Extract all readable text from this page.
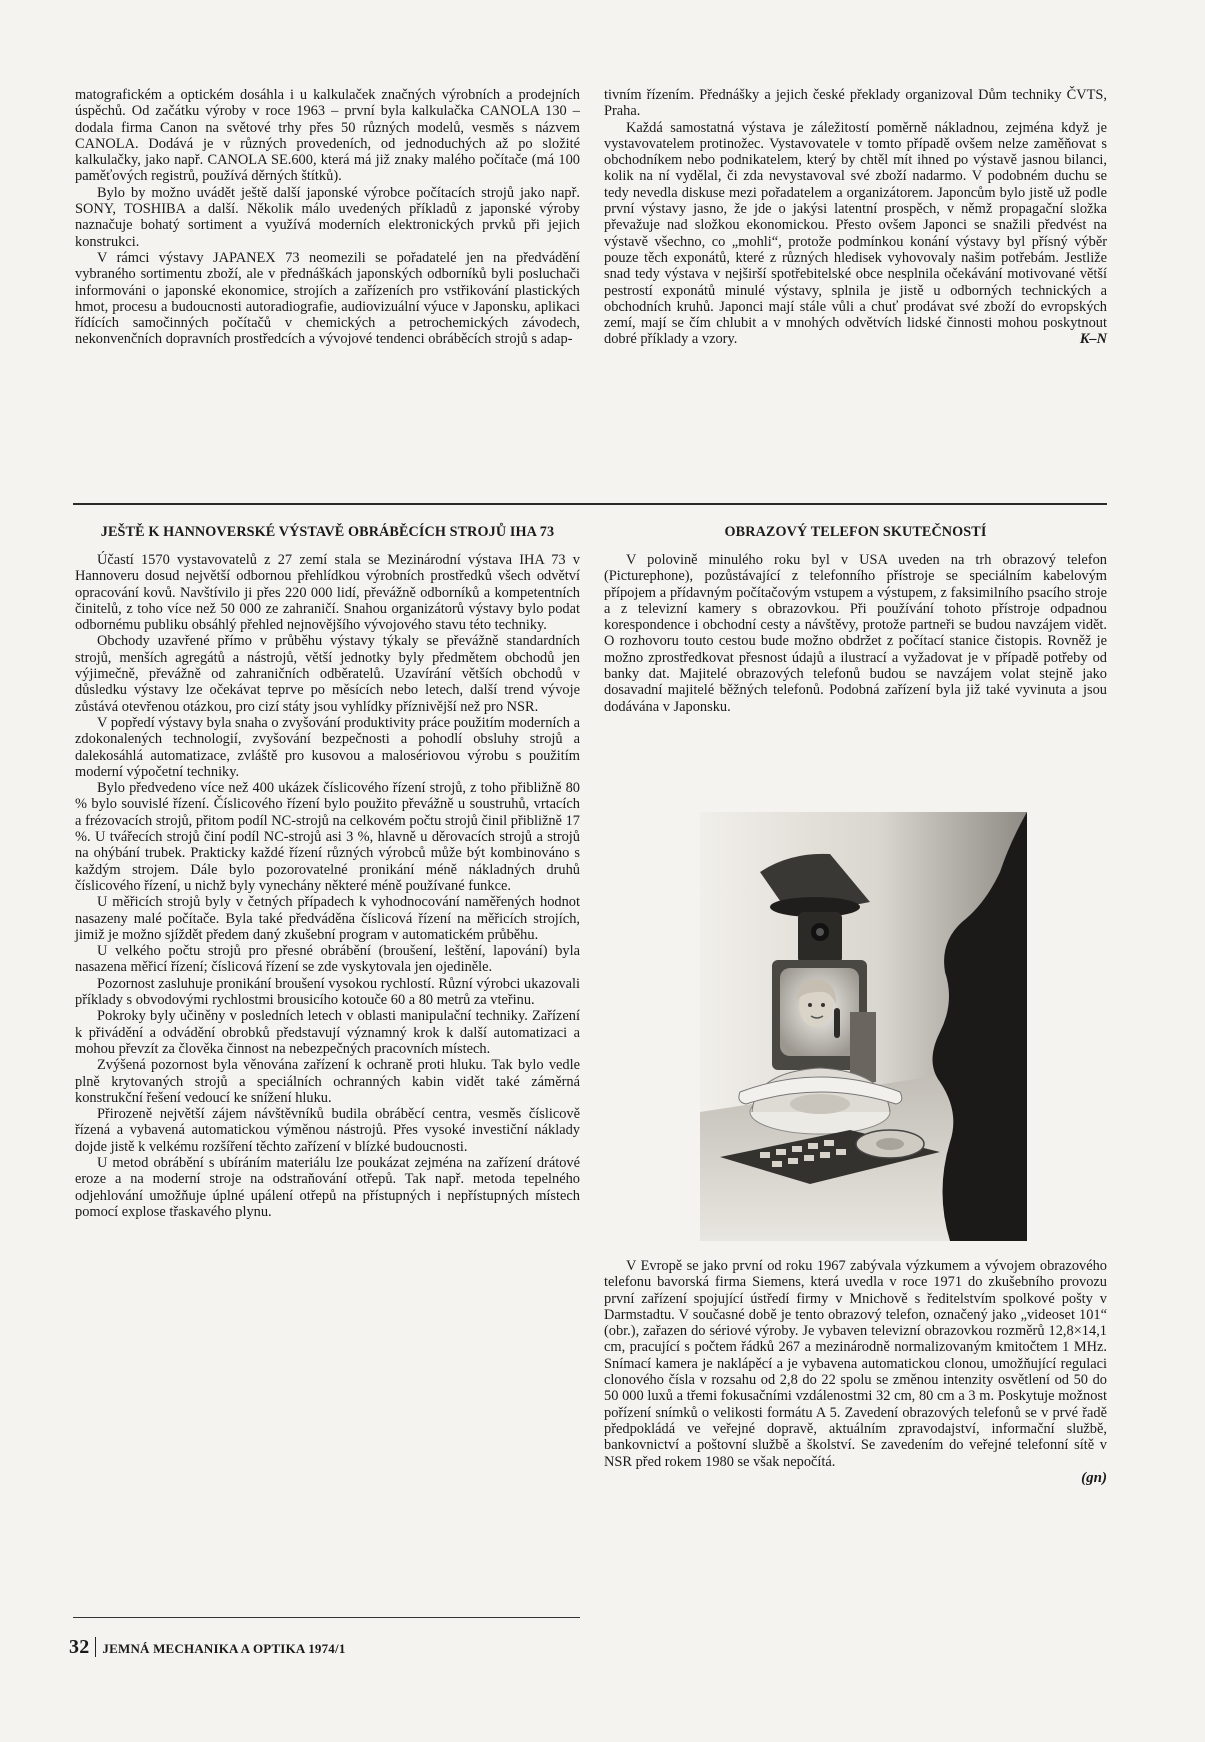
matografickém a optickém dosáhla i u kalkulaček značných výrobních a prodejních úspěchů. Od začátku výroby v roce 1963 – první byla kalkulačka CANOLA 130 – dodala firma Canon na světové trhy přes 50 různých modelů, vesměs s názvem CANOLA. Dodává je v různých provedeních, od jednoduchých až po složité kalkulačky, jako např. CANOLA SE.600, která má již znaky malého počítače (má 100 paměťových registrů, používá děrných štítků).

Bylo by možno uvádět ještě další japonské výrobce počítacích strojů jako např. SONY, TOSHIBA a další. Několik málo uvedených příkladů z japonské výroby naznačuje bohatý sortiment a využívá moderních elektronických prvků při jejich konstrukci.

V rámci výstavy JAPANEX 73 neomezili se pořadatelé jen na předvádění vybraného sortimentu zboží, ale v přednáškách japonských odborníků byli posluchači informováni o japonské ekonomice, strojích a zařízeních pro vstřikování plastických hmot, procesu a budoucnosti autoradiografie, audiovizuální výuce v Japonsku, aplikaci řídících samočinných počítačů v chemických a petrochemických závodech, nekonvenčních dopravních prostředcích a vývojové tendenci obráběcích strojů s adap-

tivním řízením. Přednášky a jejich české překlady organizoval Dům techniky ČVTS, Praha.

Každá samostatná výstava je záležitostí poměrně nákladnou, zejména když je vystavovatelem protinožec. Vystavovatele v tomto případě ovšem nelze zaměňovat s obchodníkem nebo podnikatelem, který by chtěl mít ihned po výstavě jasnou bilanci, kolik na ní vydělal, či zda nevystavoval své zboží nadarmo. V podobném duchu se tedy nevedla diskuse mezi pořadatelem a organizátorem. Japoncům bylo jistě už podle první výstavy jasno, že jde o jakýsi latentní prospěch, v němž propagační složka převažuje nad složkou ekonomickou. Přesto ovšem Japonci se snažili předvést na výstavě všechno, co „mohli“, protože podmínkou konání výstavy byl přísný výběr pouze těch exponátů, které z různých hledisek vyhovovaly našim potřebám. Jestliže snad tedy výstava v nejširší spotřebitelské obce nesplnila očekávání motivované větší pestrostí exponátů minulé výstavy, splnila je jistě u odborných technických a obchodních kruhů. Japonci mají stále vůli a chuť prodávat své zboží do evropských zemí, mají se čím chlubit a v mnohých odvětvích lidské činnosti mohou poskytnout dobré příklady a vzory.	K–N

JEŠTĚ K HANNOVERSKÉ VÝSTAVĚ OBRÁBĚCÍCH STROJŮ IHA 73

Účastí 1570 vystavovatelů z 27 zemí stala se Mezinárodní výstava IHA 73 v Hannoveru dosud největší odbornou přehlídkou výrobních prostředků všech odvětví opracování kovů. Navštívilo ji přes 220 000 lidí, převážně odborníků a kompetentních činitelů, z toho více než 50 000 ze zahraničí. Snahou organizátorů výstavy bylo podat odbornému publiku obsáhlý přehled nejnovějšího vývojového stavu této techniky.

Obchody uzavřené přímo v průběhu výstavy týkaly se převážně standardních strojů, menších agregátů a nástrojů, větší jednotky byly předmětem obchodů jen výjimečně, převážně od zahraničních odběratelů. Uzavírání větších obchodů v důsledku výstavy lze očekávat teprve po měsících nebo letech, další trend vývoje zůstává otevřenou otázkou, pro cizí státy jsou vyhlídky příznivější než pro NSR.

V popředí výstavy byla snaha o zvyšování produktivity práce použitím moderních a zdokonalených technologií, zvyšování bezpečnosti a pohodlí obsluhy strojů a dalekosáhlá automatizace, zvláště pro kusovou a malosériovou výrobu s použitím moderní výpočetní techniky.

Bylo předvedeno více než 400 ukázek číslicového řízení strojů, z toho přibližně 80 % bylo souvislé řízení. Číslicového řízení bylo použito převážně u soustruhů, vrtacích a frézovacích strojů, přitom podíl NC-strojů na celkovém počtu strojů činil přibližně 17 %. U tvářecích strojů činí podíl NC-strojů asi 3 %, hlavně u děrovacích strojů a strojů na ohýbání trubek. Prakticky každé řízení různých výrobců může být kombinováno s každým strojem. Dále bylo pozorovatelné pronikání méně nákladných druhů číslicového řízení, u nichž byly vynechány některé méně používané funkce.

U měřicích strojů byly v četných případech k vyhodnocování naměřených hodnot nasazeny malé počítače. Byla také předváděna číslicová řízení na měřicích strojích, jimiž je možno sjíždět předem daný zkušební program v automatickém průběhu.

U velkého počtu strojů pro přesné obrábění (broušení, leštění, lapování) byla nasazena měřicí řízení; číslicová řízení se zde vyskytovala jen ojediněle.

Pozornost zasluhuje pronikání broušení vysokou rychlostí. Různí výrobci ukazovali příklady s obvodovými rychlostmi brousicího kotouče 60 a 80 metrů za vteřinu.

Pokroky byly učiněny v posledních letech v oblasti manipulační techniky. Zařízení k přivádění a odvádění obrobků představují významný krok k další automatizaci a mohou převzít za člověka činnost na nebezpečných pracovních místech.

Zvýšená pozornost byla věnována zařízení k ochraně proti hluku. Tak bylo vedle plně krytovaných strojů a speciálních ochranných kabin vidět také záměrná konstrukční řešení vedoucí ke snížení hluku.

Přirozeně největší zájem návštěvníků budila obráběcí centra, vesměs číslicově řízená a vybavená automatickou výměnou nástrojů. Přes vysoké investiční náklady dojde jistě k velkému rozšíření těchto zařízení v blízké budoucnosti.

U metod obrábění s ubíráním materiálu lze poukázat zejména na zařízení drátové eroze a na moderní stroje na odstraňování otřepů. Tak např. metoda tepelného odjehlování umožňuje úplné upálení otřepů na přístupných i nepřístupných místech pomocí explose třaskavého plynu.

OBRAZOVÝ TELEFON SKUTEČNOSTÍ

V polovině minulého roku byl v USA uveden na trh obrazový telefon (Picturephone), pozůstávající z telefonního přístroje se speciálním kabelovým přípojem a přídavným počítačovým vstupem a výstupem, z faksimilního psacího stroje a z televizní kamery s obrazovkou. Při používání tohoto přístroje odpadnou korespondence i obchodní cesty a návštěvy, protože partneři se budou navzájem vidět. O rozhovoru touto cestou bude možno obdržet z počítací stanice čistopis. Rovněž je možno zprostředkovat přesnost údajů a ilustrací a vyžadovat je v případě potřeby od banky dat. Majitelé obrazových telefonů budou se navzájem volat stejně jako dosavadní majitelé běžných telefonů. Podobná zařízení byla již také vyvinuta a jsou dodávána v Japonsku.

V Evropě se jako první od roku 1967 zabývala výzkumem a vývojem obrazového telefonu bavorská firma Siemens, která uvedla v roce 1971 do zkušebního provozu první zařízení spojující ústředí firmy v Mnichově s ředitelstvím spolkové pošty v Darmstadtu. V současné době je tento obrazový telefon, označený jako „videoset 101“ (obr.), zařazen do sériové výroby. Je vybaven televizní obrazovkou rozměrů 12,8×14,1 cm, pracující s počtem řádků 267 a mezinárodně normalizovaným kmitočtem 1 MHz. Snímací kamera je naklápěcí a je vybavena automatickou clonou, umožňující regulaci clonového čísla v rozsahu od 2,8 do 22 spolu se změnou intenzity osvětlení od 50 do 50 000 luxů a třemi fokusačními vzdálenostmi 32 cm, 80 cm a 3 m. Poskytuje možnost pořízení snímků o velikosti formátu A 5. Zavedení obrazových telefonů se v prvé řadě předpokládá ve veřejné dopravě, aktuálním zpravodajství, informační službě, bankovnictví a poštovní službě a školství. Se zavedením do veřejné telefonní sítě v NSR před rokem 1980 se však nepočítá.

(gn)
32 JEMNÁ MECHANIKA A OPTIKA 1974/1
